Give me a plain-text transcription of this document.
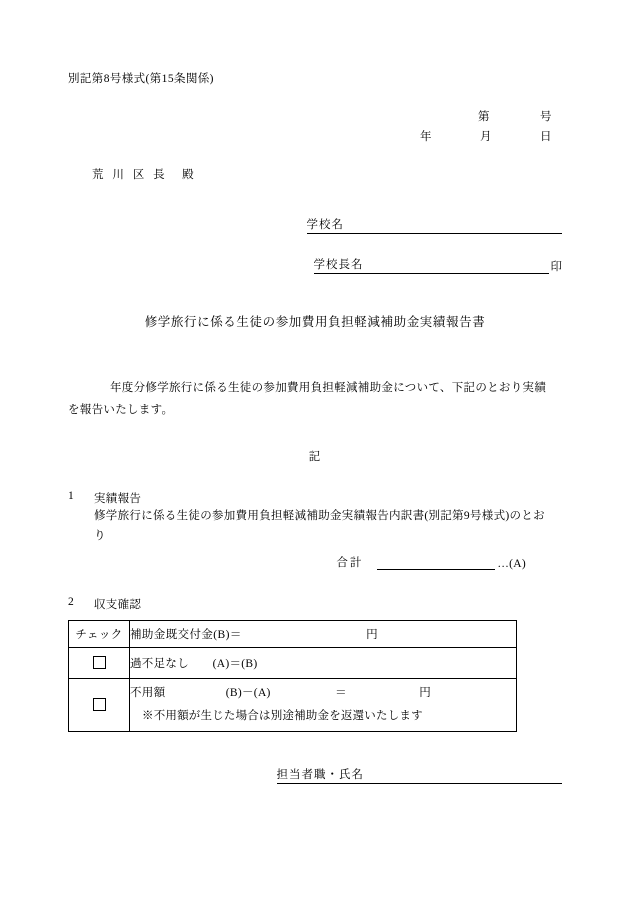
別記第8号様式(第15条関係)
第	号
年	月	日
荒 川 区 長　殿
学校名
学校長名	印
修学旅行に係る生徒の参加費用負担軽減補助金実績報告書
年度分修学旅行に係る生徒の参加費用負担軽減補助金について、下記のとおり実績
を報告いたします。
記
1	実績報告
修学旅行に係る生徒の参加費用負担軽減補助金実績報告内訳書(別記第9号様式)のとお
り
合計	…(A)
2	収支確認
チェック	補助金既交付金(B)＝ 円
	過不足なし　　(A)＝(B)

	不用額 (B)－(A) ＝ 円
※不用額が生じた場合は別途補助金を返還いたします
担当者職・氏名
